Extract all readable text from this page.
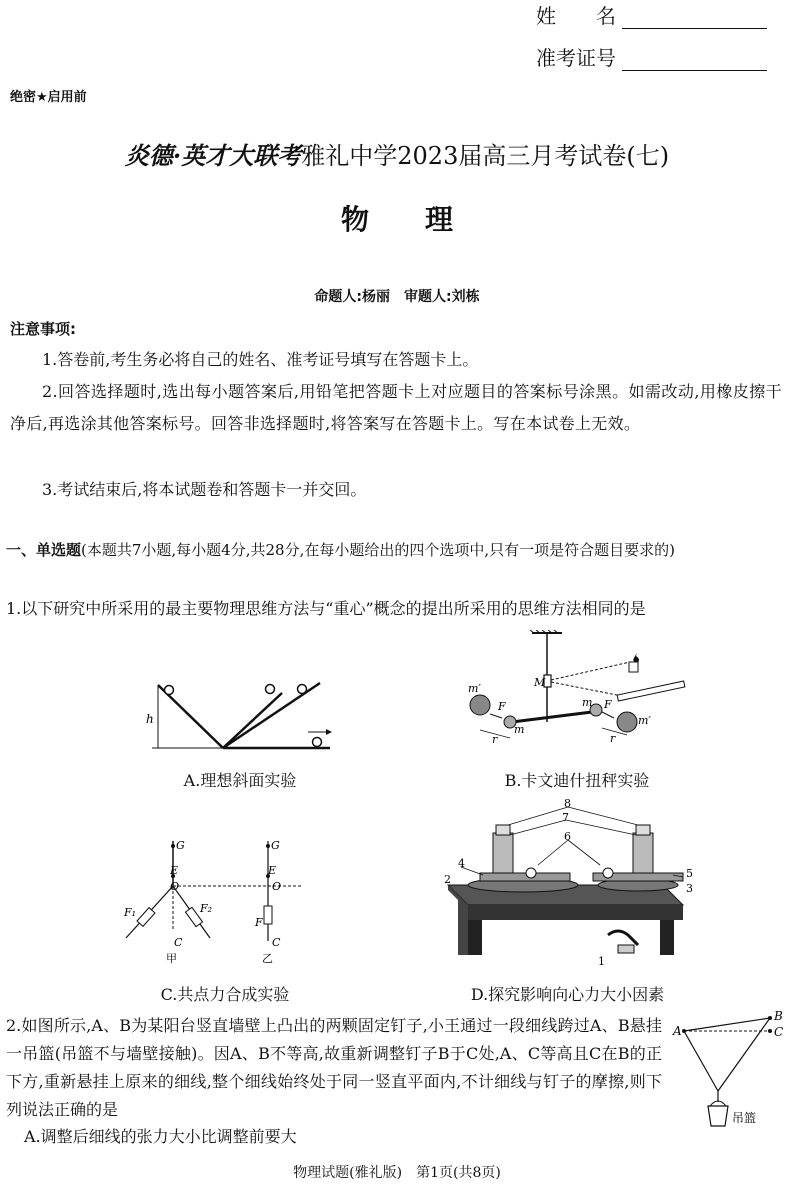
姓　　名
准考证号
绝密★启用前
炎德·英才大联考雅礼中学2023届高三月考试卷(七)
物　　理
命题人:杨丽　审题人:刘栋
注意事项:
1.答卷前,考生务必将自己的姓名、准考证号填写在答题卡上。
2.回答选择题时,选出每小题答案后,用铅笔把答题卡上对应题目的答案标号涂黑。如需改动,用橡皮擦干净后,再选涂其他答案标号。回答非选择题时,将答案写在答题卡上。写在本试卷上无效。
3.考试结束后,将本试题卷和答题卡一并交回。
一、单选题(本题共7小题,每小题4分,共28分,在每小题给出的四个选项中,只有一项是符合题目要求的)
1.以下研究中所采用的最主要物理思维方法与“重心”概念的提出所采用的思维方法相同的是
h
A.理想斜面实验
M
F	F
m
m
m′
m′
r	r
B.卡文迪什扭秤实验
G
E
O
F₁	F₂
C
甲
G
E
O
F
C
乙
C.共点力合成实验
8
7
6
4
2	5
3
1
D.探究影响向心力大小因素
2.如图所示,A、B为某阳台竖直墙壁上凸出的两颗固定钉子,小王通过一段细线跨过A、B悬挂一吊篮(吊篮不与墙壁接触)。因A、B不等高,故重新调整钉子B于C处,A、C等高且C在B的正下方,重新悬挂上原来的细线,整个细线始终处于同一竖直平面内,不计细线与钉子的摩擦,则下列说法正确的是
A.调整后细线的张力大小比调整前要大
A
B
C
吊篮
物理试题(雅礼版)　第1页(共8页)
